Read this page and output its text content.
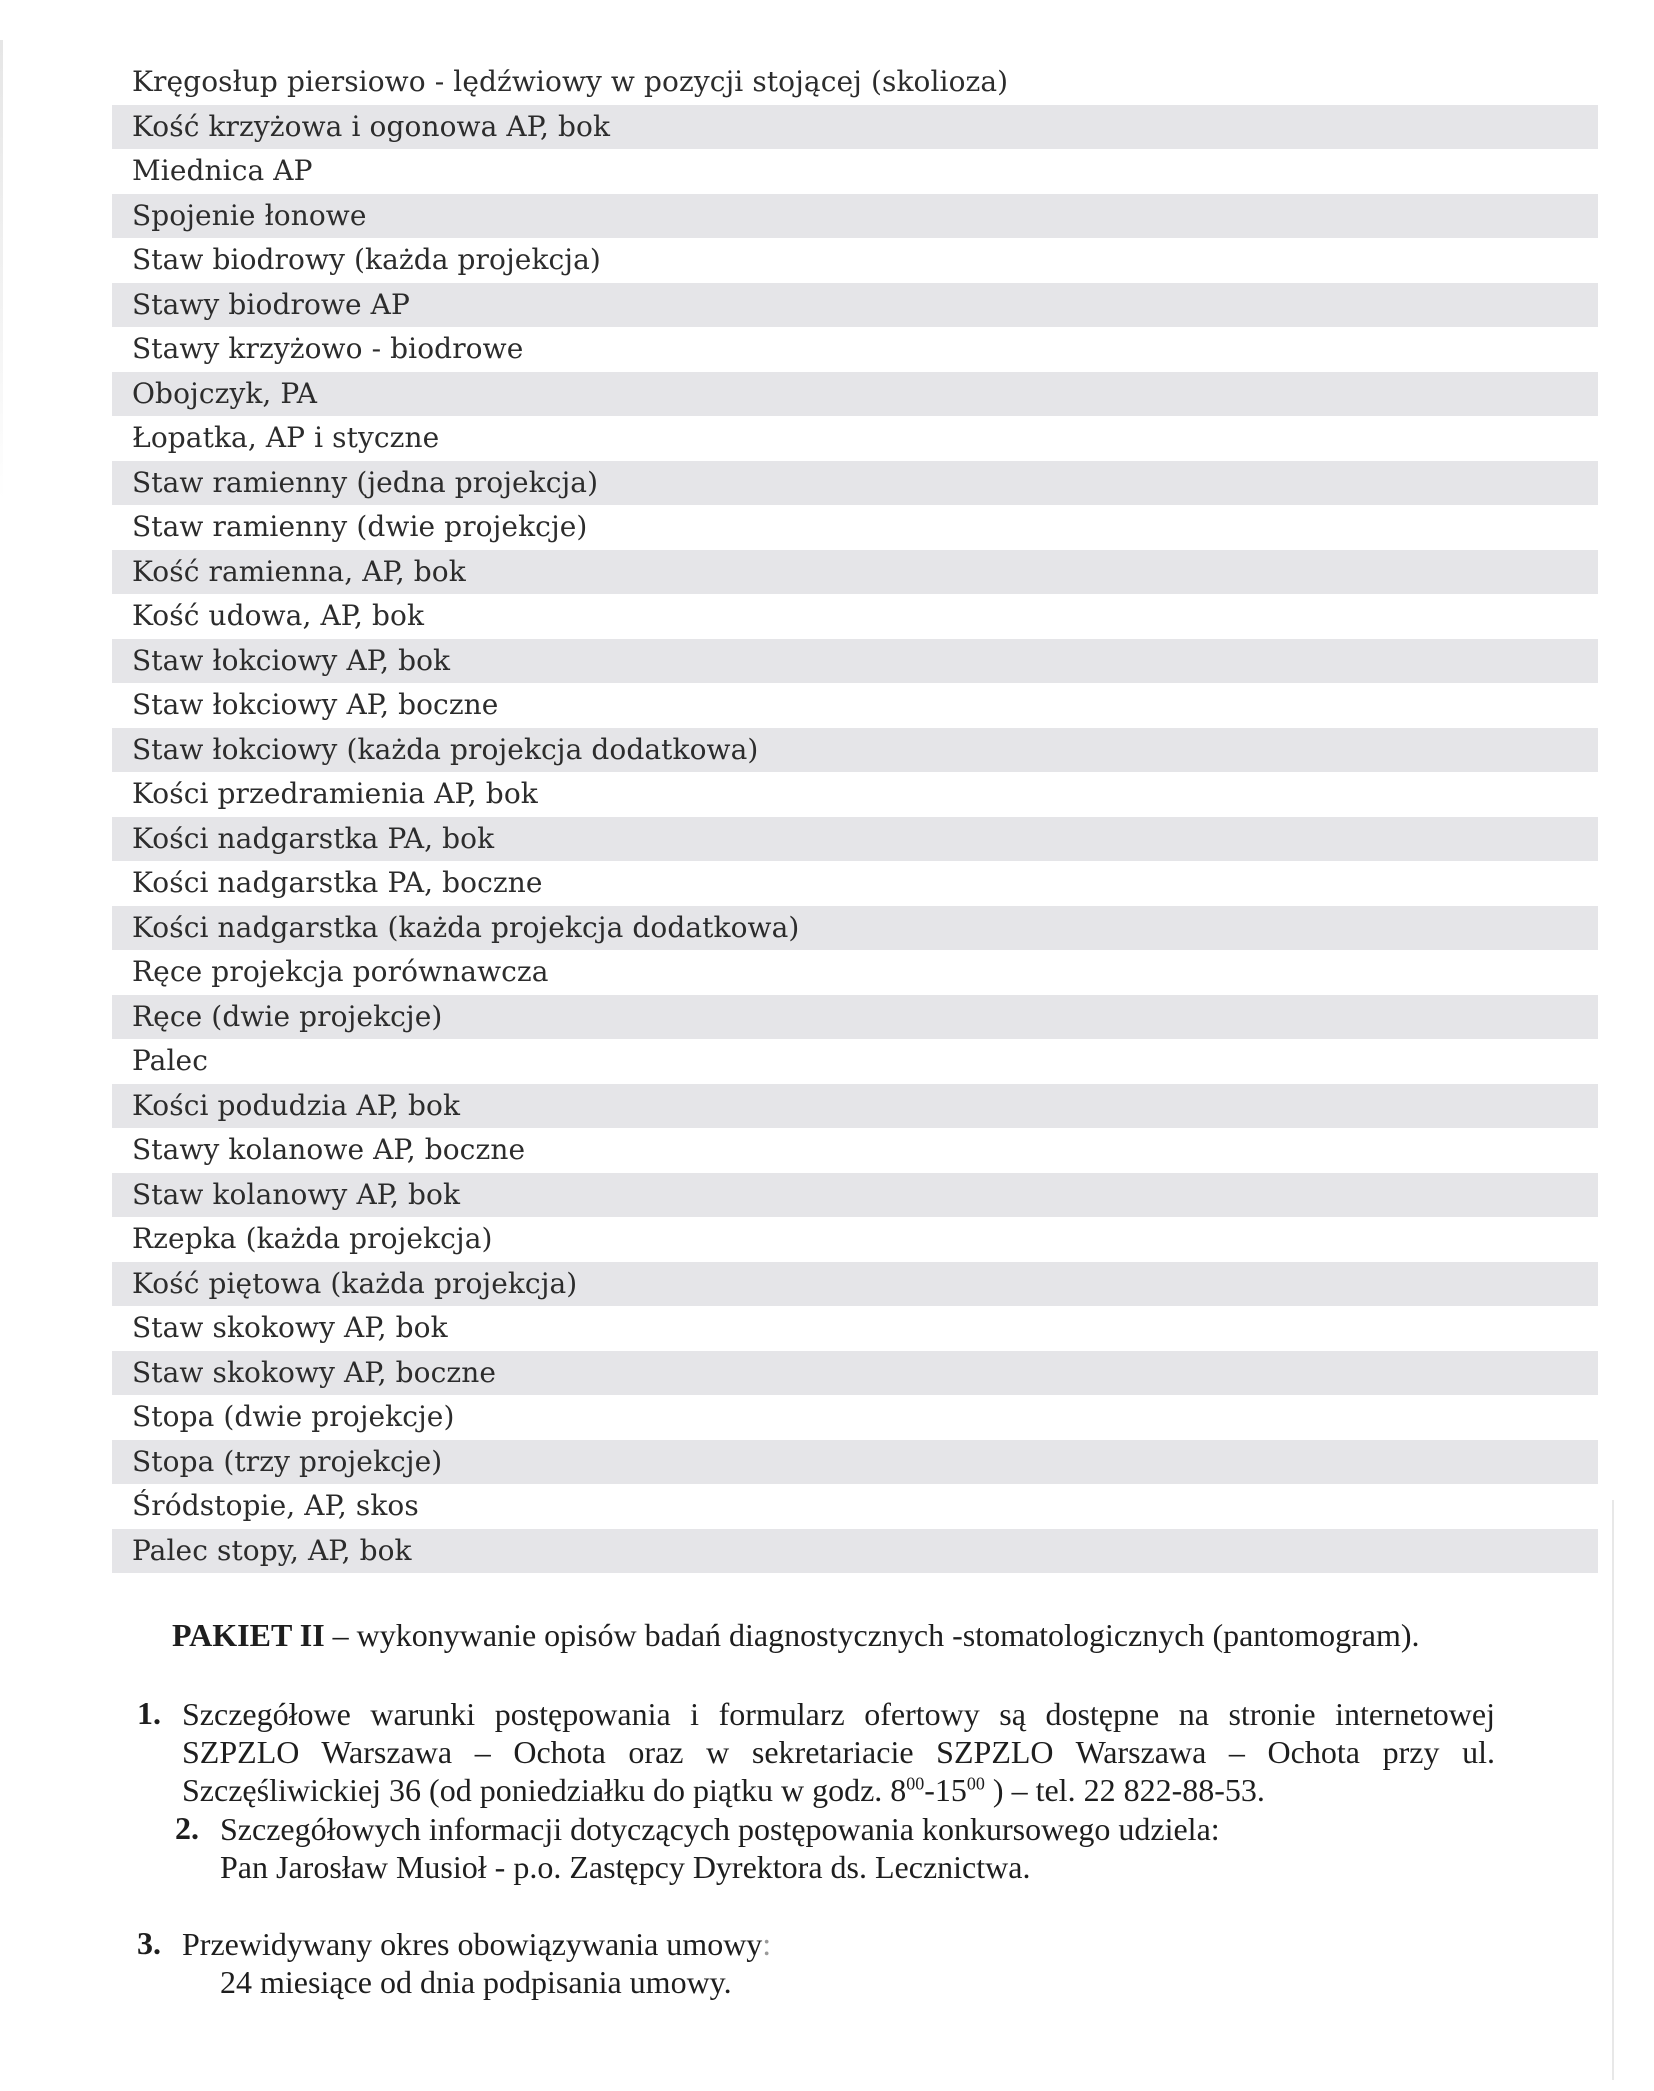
Kręgosłup piersiowo - lędźwiowy w pozycji stojącej (skolioza)
Kość krzyżowa i ogonowa AP, bok
Miednica AP
Spojenie łonowe
Staw biodrowy (każda projekcja)
Stawy biodrowe AP
Stawy krzyżowo - biodrowe
Obojczyk, PA
Łopatka, AP i styczne
Staw ramienny (jedna projekcja)
Staw ramienny (dwie projekcje)
Kość ramienna, AP, bok
Kość udowa, AP, bok
Staw łokciowy AP, bok
Staw łokciowy AP, boczne
Staw łokciowy (każda projekcja dodatkowa)
Kości przedramienia AP, bok
Kości nadgarstka PA, bok
Kości nadgarstka PA, boczne
Kości nadgarstka (każda projekcja dodatkowa)
Ręce projekcja porównawcza
Ręce (dwie projekcje)
Palec
Kości podudzia AP, bok
Stawy kolanowe AP, boczne
Staw kolanowy AP, bok
Rzepka (każda projekcja)
Kość piętowa (każda projekcja)
Staw skokowy AP, bok
Staw skokowy AP, boczne
Stopa (dwie projekcje)
Stopa (trzy projekcje)
Śródstopie, AP, skos
Palec stopy, AP, bok
PAKIET II – wykonywanie opisów badań diagnostycznych -stomatologicznych (pantomogram).
1. Szczegółowe warunki postępowania i formularz ofertowy są dostępne na stronie internetowej
SZPZLO Warszawa – Ochota oraz w sekretariacie SZPZLO Warszawa – Ochota przy ul.
Szczęśliwickiej 36 (od poniedziałku do piątku w godz. $8^{00}-15^{00}$ ) – tel. 22 822-88-53.
2. Szczegółowych informacji dotyczących postępowania konkursowego udziela:
Pan Jarosław Musioł - p.o. Zastępcy Dyrektora ds. Lecznictwa.
3. Przewidywany okres obowiązywania umowy:
24 miesiące od dnia podpisania umowy.
